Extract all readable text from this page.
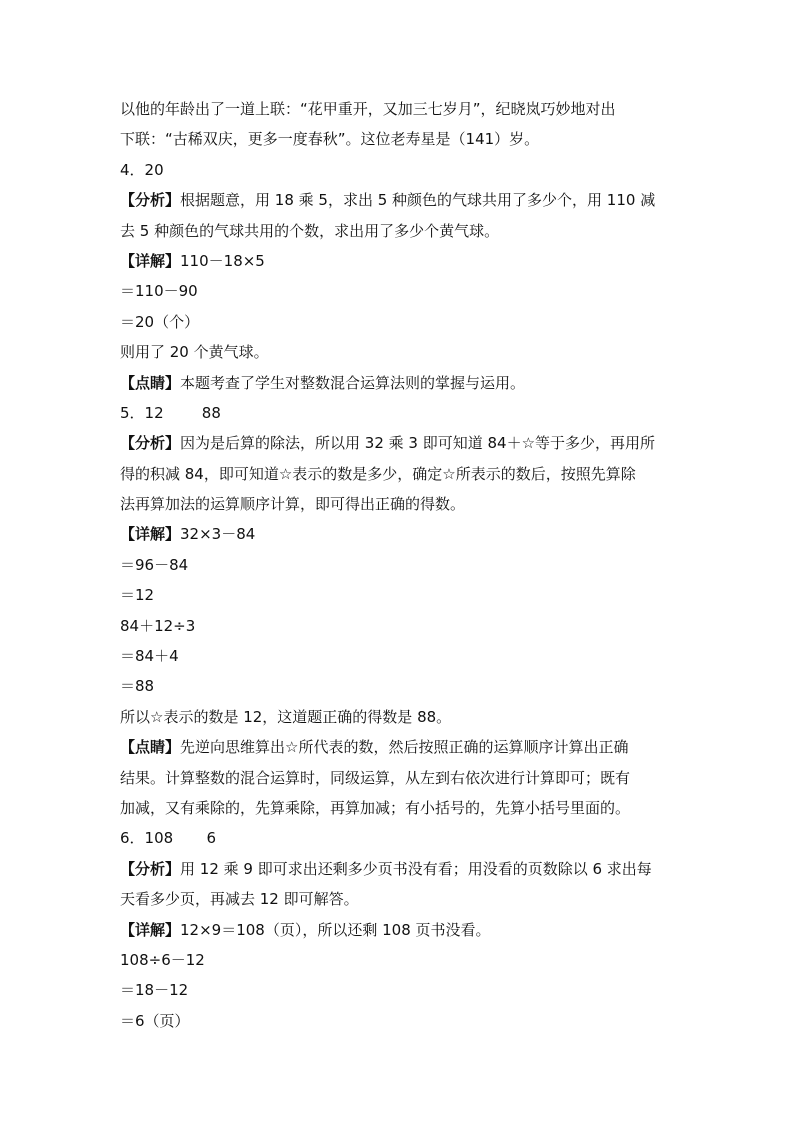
以他的年龄出了一道上联：“花甲重开，又加三七岁月”，纪晓岚巧妙地对出
下联：“古稀双庆，更多一度春秋”。这位老寿星是（141）岁。
4．20
【分析】根据题意，用 18 乘 5，求出 5 种颜色的气球共用了多少个，用 110 减
去 5 种颜色的气球共用的个数，求出用了多少个黄气球。
【详解】110－18×5
＝110－90
＝20（个）
则用了 20 个黄气球。
【点睛】本题考查了学生对整数混合运算法则的掌握与运用。
5．12        88
【分析】因为是后算的除法，所以用 32 乘 3 即可知道 84＋☆等于多少，再用所
得的积减 84，即可知道☆表示的数是多少，确定☆所表示的数后，按照先算除
法再算加法的运算顺序计算，即可得出正确的得数。
【详解】32×3－84
＝96－84
＝12
84＋12÷3
＝84＋4
＝88
所以☆表示的数是 12，这道题正确的得数是 88。
【点睛】先逆向思维算出☆所代表的数，然后按照正确的运算顺序计算出正确
结果。计算整数的混合运算时，同级运算，从左到右依次进行计算即可；既有
加减，又有乘除的，先算乘除，再算加减；有小括号的，先算小括号里面的。
6．108       6
【分析】用 12 乘 9 即可求出还剩多少页书没有看；用没看的页数除以 6 求出每
天看多少页，再减去 12 即可解答。
【详解】12×9＝108（页），所以还剩 108 页书没看。
108÷6－12
＝18－12
＝6（页）
